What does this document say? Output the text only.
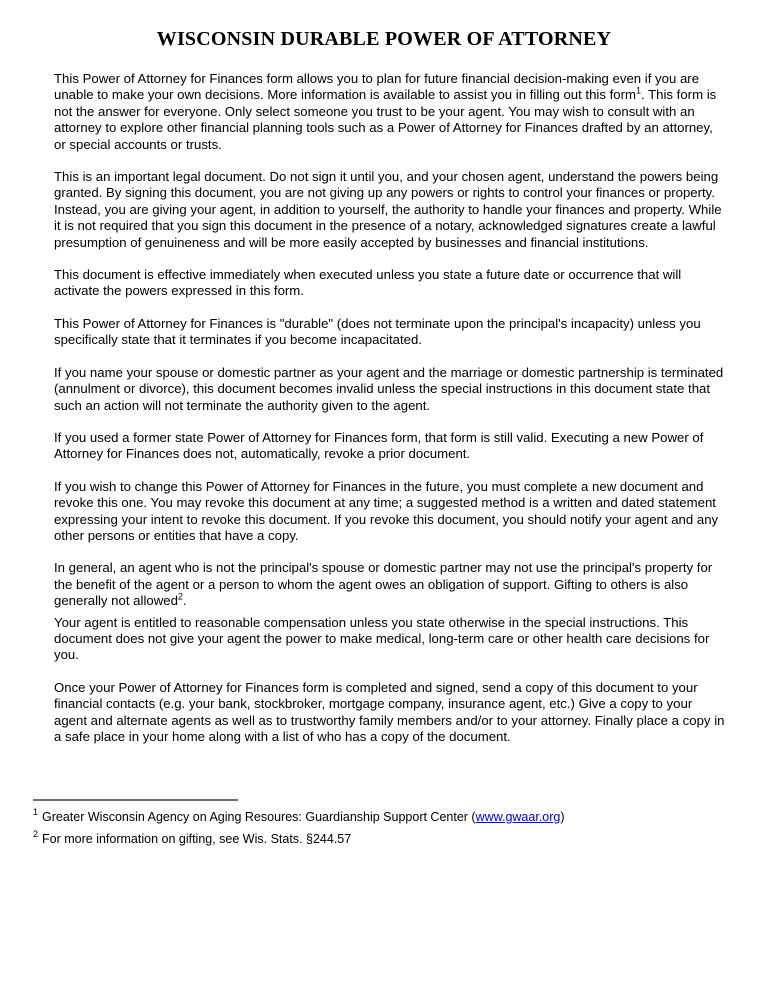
WISCONSIN DURABLE POWER OF ATTORNEY

This Power of Attorney for Finances form allows you to plan for future financial decision-making even if you are unable to make your own decisions. More information is available to assist you in filling out this form$^1$. This form is not the answer for everyone. Only select someone you trust to be your agent. You may wish to consult with an attorney to explore other financial planning tools such as a Power of Attorney for Finances drafted by an attorney, or special accounts or trusts.

This is an important legal document. Do not sign it until you, and your chosen agent, understand the powers being granted. By signing this document, you are not giving up any powers or rights to control your finances or property. Instead, you are giving your agent, in addition to yourself, the authority to handle your finances and property. While it is not required that you sign this document in the presence of a notary, acknowledged signatures create a lawful presumption of genuineness and will be more easily accepted by businesses and financial institutions.

This document is effective immediately when executed unless you state a future date or occurrence that will activate the powers expressed in this form.

This Power of Attorney for Finances is "durable" (does not terminate upon the principal's incapacity) unless you specifically state that it terminates if you become incapacitated.

If you name your spouse or domestic partner as your agent and the marriage or domestic partnership is terminated (annulment or divorce), this document becomes invalid unless the special instructions in this document state that such an action will not terminate the authority given to the agent.

If you used a former state Power of Attorney for Finances form, that form is still valid. Executing a new Power of Attorney for Finances does not, automatically, revoke a prior document.

If you wish to change this Power of Attorney for Finances in the future, you must complete a new document and revoke this one. You may revoke this document at any time; a suggested method is a written and dated statement expressing your intent to revoke this document. If you revoke this document, you should notify your agent and any other persons or entities that have a copy.

In general, an agent who is not the principal's spouse or domestic partner may not use the principal's property for the benefit of the agent or a person to whom the agent owes an obligation of support. Gifting to others is also generally not allowed$^2$.

Your agent is entitled to reasonable compensation unless you state otherwise in the special instructions. This document does not give your agent the power to make medical, long-term care or other health care decisions for you.

Once your Power of Attorney for Finances form is completed and signed, send a copy of this document to your financial contacts (e.g. your bank, stockbroker, mortgage company, insurance agent, etc.) Give a copy to your agent and alternate agents as well as to trustworthy family members and/or to your attorney. Finally place a copy in a safe place in your home along with a list of who has a copy of the document.

$^1$ Greater Wisconsin Agency on Aging Resoures: Guardianship Support Center (www.gwaar.org)
$^2$ For more information on gifting, see Wis. Stats. §244.57
